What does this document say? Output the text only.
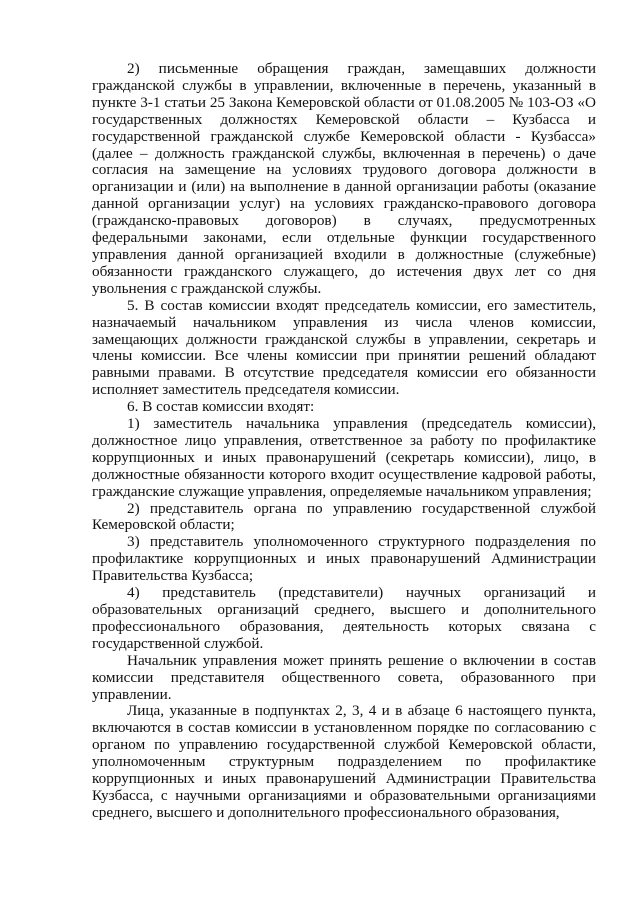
2) письменные обращения граждан, замещавших должности гражданской службы в управлении, включенные в перечень, указанный в пункте 3-1 статьи 25 Закона Кемеровской области от 01.08.2005 № 103-ОЗ «О государственных должностях Кемеровской области – Кузбасса и государственной гражданской службе Кемеровской области - Кузбасса» (далее – должность гражданской службы, включенная в перечень) о даче согласия на замещение на условиях трудового договора должности в организации и (или) на выполнение в данной организации работы (оказание данной организации услуг) на условиях гражданско-правового договора (гражданско-правовых договоров) в случаях, предусмотренных федеральными законами, если отдельные функции государственного управления данной организацией входили в должностные (служебные) обязанности гражданского служащего, до истечения двух лет со дня увольнения с гражданской службы.

5. В состав комиссии входят председатель комиссии, его заместитель, назначаемый начальником управления из числа членов комиссии, замещающих должности гражданской службы в управлении, секретарь и члены комиссии. Все члены комиссии при принятии решений обладают равными правами. В отсутствие председателя комиссии его обязанности исполняет заместитель председателя комиссии.

6. В состав комиссии входят:

1) заместитель начальника управления (председатель комиссии), должностное лицо управления, ответственное за работу по профилактике коррупционных и иных правонарушений (секретарь комиссии), лицо, в должностные обязанности которого входит осуществление кадровой работы, гражданские служащие управления, определяемые начальником управления;

2) представитель органа по управлению государственной службой Кемеровской области;

3) представитель уполномоченного структурного подразделения по профилактике коррупционных и иных правонарушений Администрации Правительства Кузбасса;

4) представитель (представители) научных организаций и образовательных организаций среднего, высшего и дополнительного профессионального образования, деятельность которых связана с государственной службой.

Начальник управления может принять решение о включении в состав комиссии представителя общественного совета, образованного при управлении.

Лица, указанные в подпунктах 2, 3, 4 и в абзаце 6 настоящего пункта, включаются в состав комиссии в установленном порядке по согласованию с органом по управлению государственной службой Кемеровской области, уполномоченным структурным подразделением по профилактике коррупционных и иных правонарушений Администрации Правительства Кузбасса, с научными организациями и образовательными организациями среднего, высшего и дополнительного профессионального образования,
